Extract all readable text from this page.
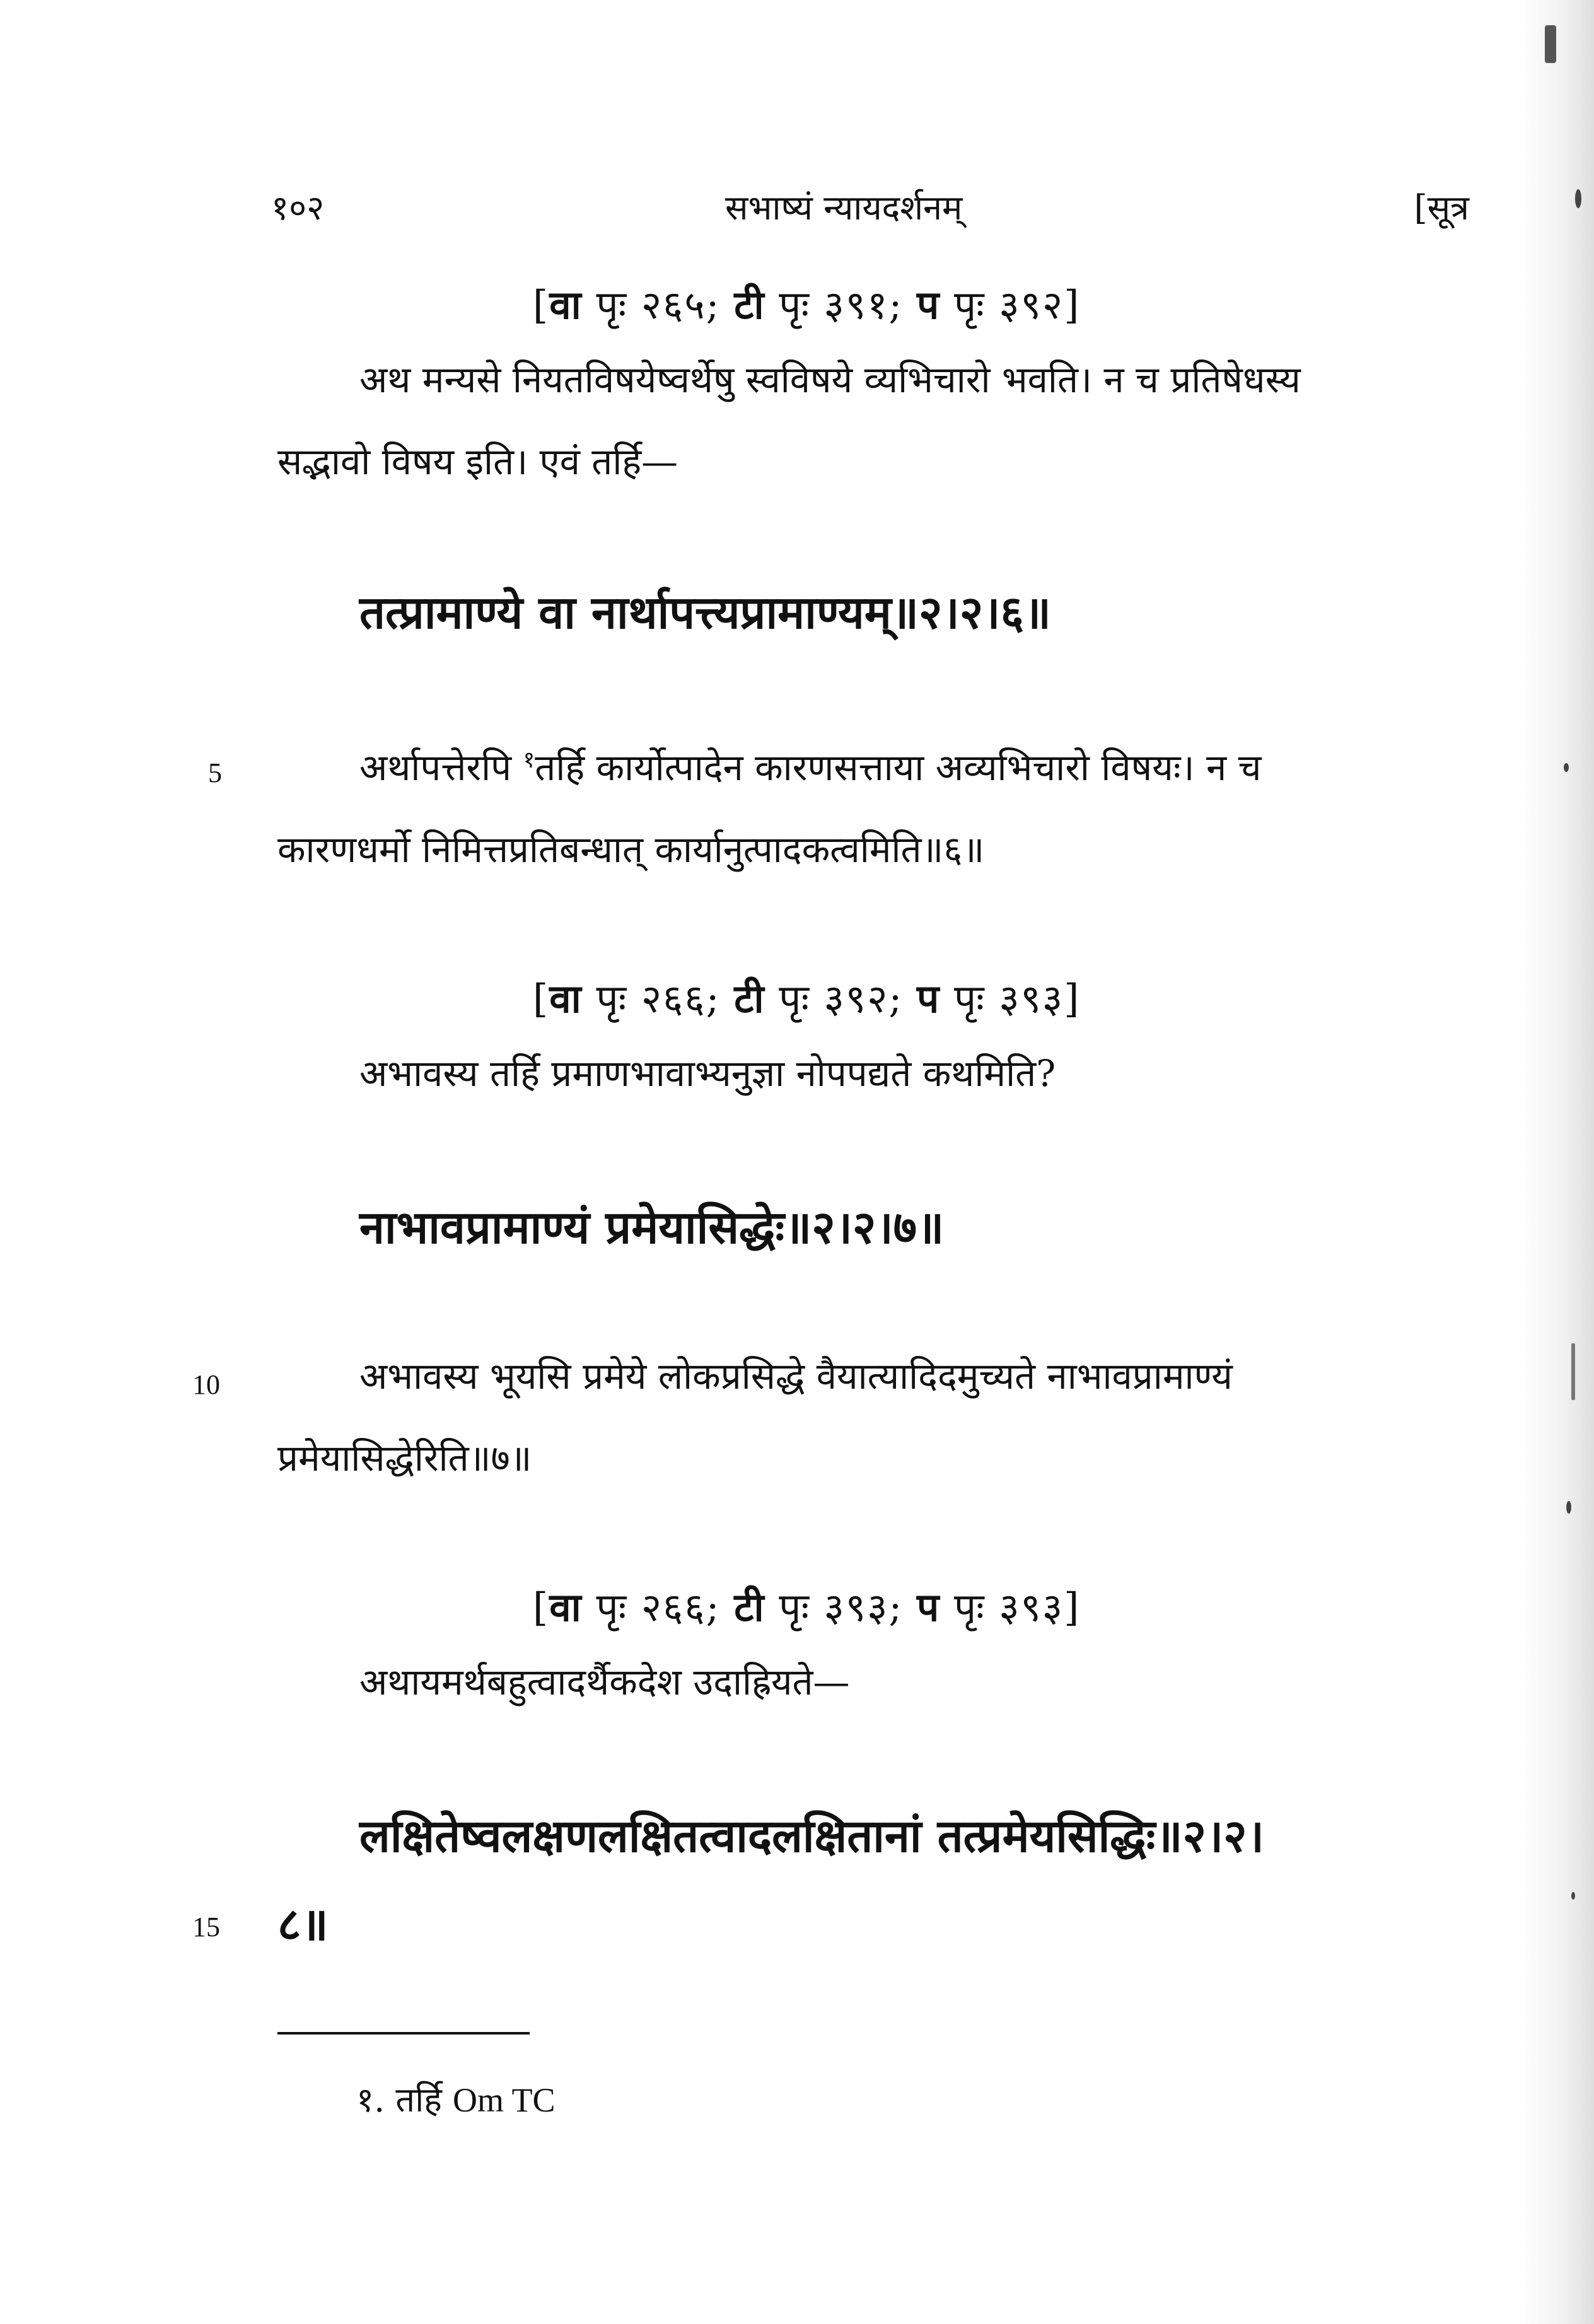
१०२	सभाष्यं न्यायदर्शनम्	[सूत्र
[वा पृः २६५; टी पृः ३९१; प पृः ३९२]
अथ मन्यसे नियतविषयेष्वर्थेषु स्वविषये व्यभिचारो भवति। न च प्रतिषेधस्य
सद्भावो विषय इति। एवं तर्हि—
तत्प्रामाण्ये वा नार्थापत्त्यप्रामाण्यम्॥२।२।६॥
5	अर्थापत्तेरपि $^१$तर्हि कार्योत्पादेन कारणसत्ताया अव्यभिचारो विषयः। न च
कारणधर्मो निमित्तप्रतिबन्धात् कार्यानुत्पादकत्वमिति॥६॥
[वा पृः २६६; टी पृः ३९२; प पृः ३९३]
अभावस्य तर्हि प्रमाणभावाभ्यनुज्ञा नोपपद्यते कथमिति?
नाभावप्रामाण्यं प्रमेयासिद्धेः॥२।२।७॥
10	अभावस्य भूयसि प्रमेये लोकप्रसिद्धे वैयात्यादिदमुच्यते नाभावप्रामाण्यं
प्रमेयासिद्धेरिति॥७॥
[वा पृः २६६; टी पृः ३९३; प पृः ३९३]
अथायमर्थबहुत्वादर्थैकदेश उदाह्रियते—
लक्षितेष्वलक्षणलक्षितत्वादलक्षितानां तत्प्रमेयसिद्धिः॥२।२।
15 ८॥
१. तर्हि Om TC
